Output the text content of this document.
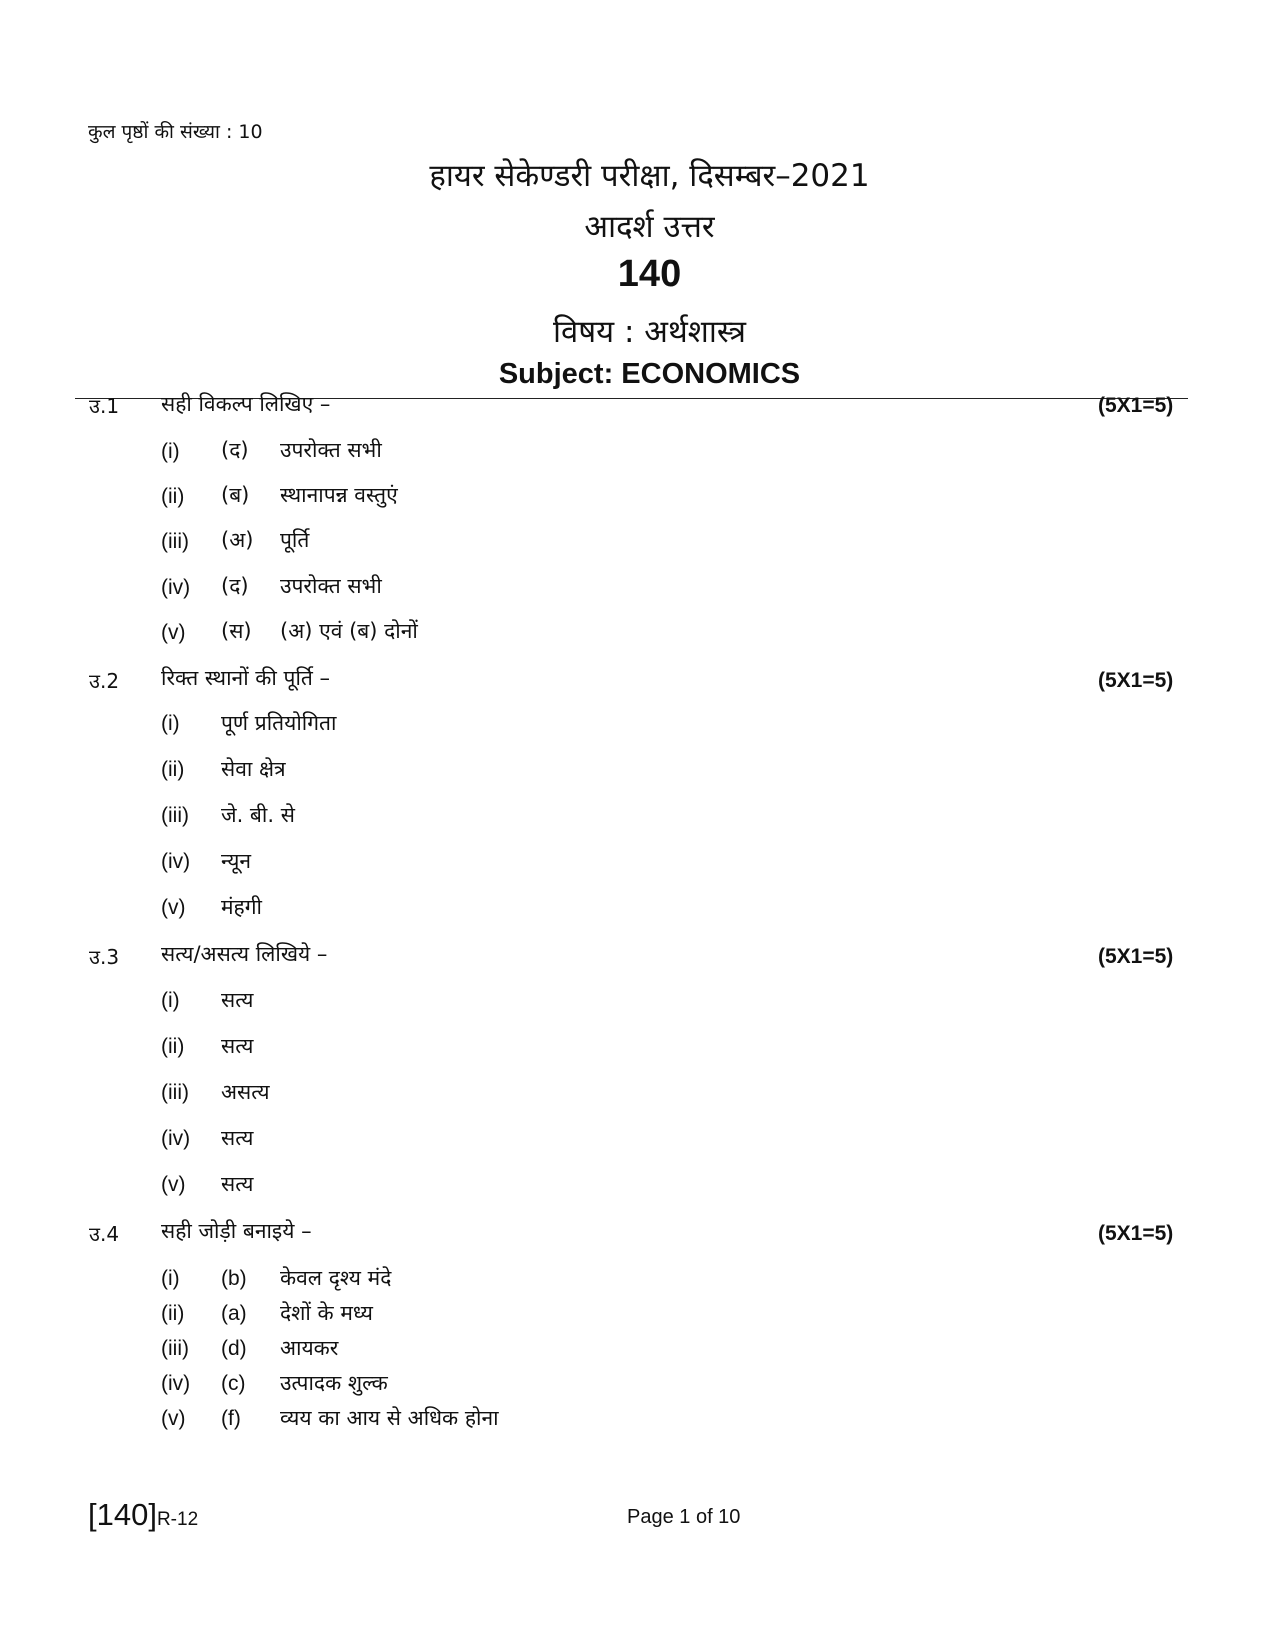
कुल पृष्ठों की संख्या : 10
हायर सेकेण्डरी परीक्षा, दिसम्बर–2021
आदर्श उत्तर
140
विषय : अर्थशास्त्र
Subject: ECONOMICS
उ.1 सही विकल्प लिखिए –	(5X1=5)
(i) (द) उपरोक्त सभी
(ii) (ब) स्थानापन्न वस्तुएं
(iii) (अ) पूर्ति
(iv) (द) उपरोक्त सभी
(v) (स) (अ) एवं (ब) दोनों
उ.2 रिक्त स्थानों की पूर्ति –	(5X1=5)
(i) पूर्ण प्रतियोगिता
(ii) सेवा क्षेत्र
(iii) जे. बी. से
(iv) न्यून
(v) मंहगी
उ.3 सत्य/असत्य लिखिये –	(5X1=5)
(i) सत्य
(ii) सत्य
(iii) असत्य
(iv) सत्य
(v) सत्य
उ.4 सही जोड़ी बनाइये –	(5X1=5)
(i) (b) केवल दृश्य मंदे
(ii) (a) देशों के मध्य
(iii) (d) आयकर
(iv) (c) उत्पादक शुल्क
(v) (f) व्यय का आय से अधिक होना
[140]R-12	Page 1 of 10
